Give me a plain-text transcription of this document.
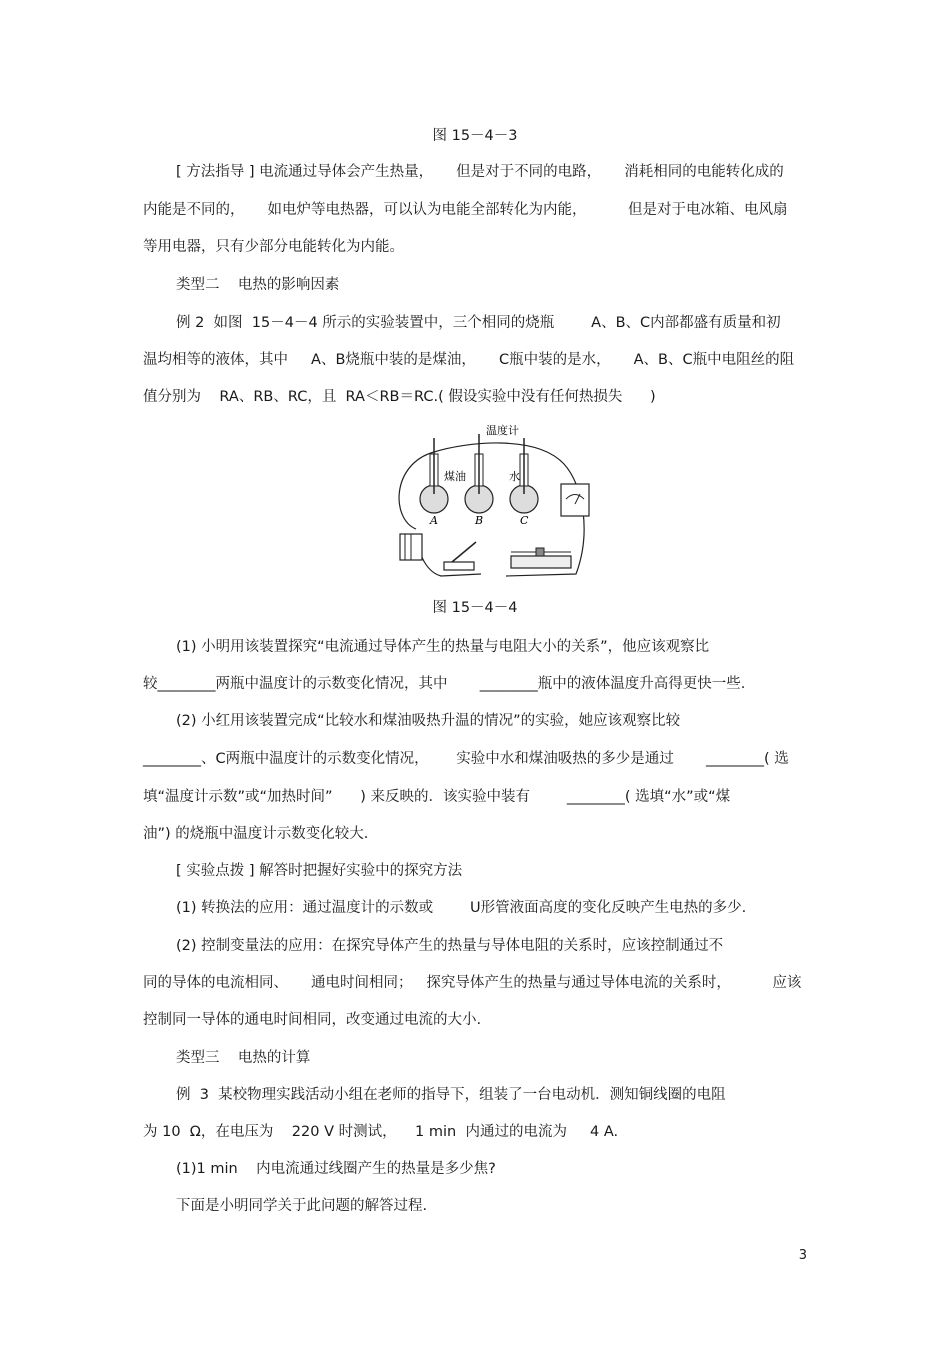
图 15－4－3
[ 方法指导 ] 电流通过导体会产生热量，     但是对于不同的电路，     消耗相同的电能转化成的
内能是不同的，     如电炉等电热器，可以认为电能全部转化为内能，         但是对于电冰箱、电风扇
等用电器，只有少部分电能转化为内能。
类型二    电热的影响因素
例 2  如图  15－4－4 所示的实验装置中，三个相同的烧瓶        A、B、C内部都盛有质量和初
温均相等的液体，其中     A、B烧瓶中装的是煤油，     C瓶中装的是水，     A、B、C瓶中电阻丝的阻
值分别为    RA、RB、RC，且  RA＜RB＝RC.( 假设实验中没有任何热损失      )
温度计
煤油	水
A	B	C
图 15－4－4
(1) 小明用该装置探究“电流通过导体产生的热量与电阻大小的关系”，他应该观察比
较________两瓶中温度计的示数变化情况，其中       ________瓶中的液体温度升高得更快一些.
(2) 小红用该装置完成“比较水和煤油吸热升温的情况”的实验，她应该观察比较
________、C两瓶中温度计的示数变化情况，      实验中水和煤油吸热的多少是通过       ________( 选
填“温度计示数”或“加热时间”      ) 来反映的．该实验中装有        ________( 选填“水”或“煤
油”) 的烧瓶中温度计示数变化较大.
[ 实验点拨 ] 解答时把握好实验中的探究方法
(1) 转换法的应用：通过温度计的示数或        U形管液面高度的变化反映产生电热的多少.
(2) 控制变量法的应用：在探究导体产生的热量与导体电阻的关系时，应该控制通过不
同的导体的电流相同、     通电时间相同；   探究导体产生的热量与通过导体电流的关系时，         应该
控制同一导体的通电时间相同，改变通过电流的大小.
类型三    电热的计算
例  3  某校物理实践活动小组在老师的指导下，组装了一台电动机．测知铜线圈的电阻
为 10  Ω，在电压为    220 V 时测试，    1 min  内通过的电流为     4 A.
(1)1 min    内电流通过线圈产生的热量是多少焦?
下面是小明同学关于此问题的解答过程.
3
